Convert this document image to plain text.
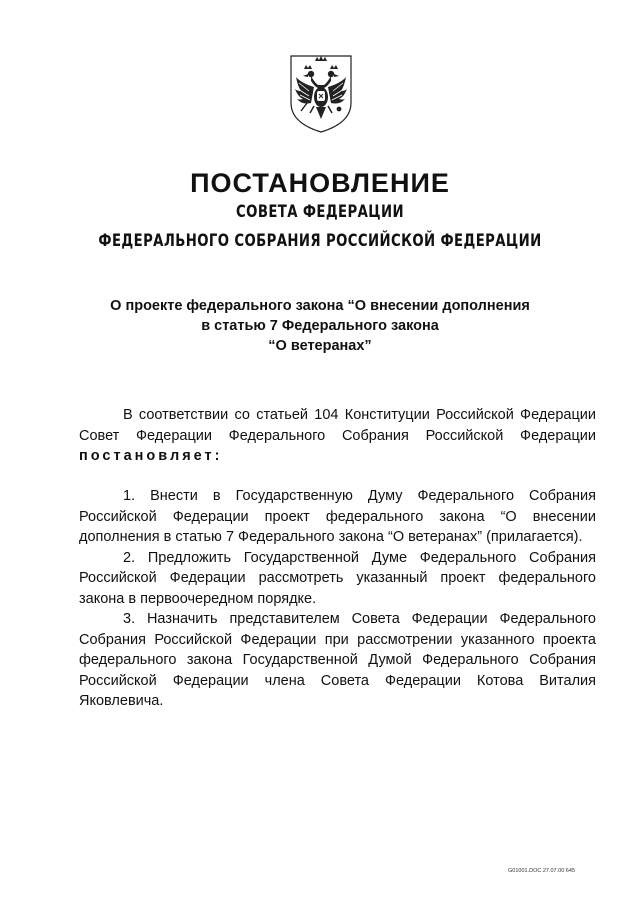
ПОСТАНОВЛЕНИЕ
СОВЕТА ФЕДЕРАЦИИ
ФЕДЕРАЛЬНОГО СОБРАНИЯ РОССИЙСКОЙ ФЕДЕРАЦИИ
О проекте федерального закона “О внесении дополнения
в статью 7 Федерального закона
“О ветеранах”

В соответствии со статьей 104 Конституции Российской Федерации Совет Федерации Федерального Собрания Российской Федерации постановляет:

1. Внести в Государственную Думу Федерального Собрания Российской Федерации проект федерального закона “О внесении дополнения в статью 7 Федерального закона “О ветеранах” (прилагается).

2. Предложить Государственной Думе Федерального Собрания Российской Федерации рассмотреть указанный проект федерального закона в первоочередном порядке.

3. Назначить представителем Совета Федерации Федерального Собрания Российской Федерации при рассмотрении указанного проекта федерального закона Государственной Думой Федерального Собрания Российской Федерации члена Совета Федерации Котова Виталия Яковлевича.

G01001.DOC 27.07.00 645
